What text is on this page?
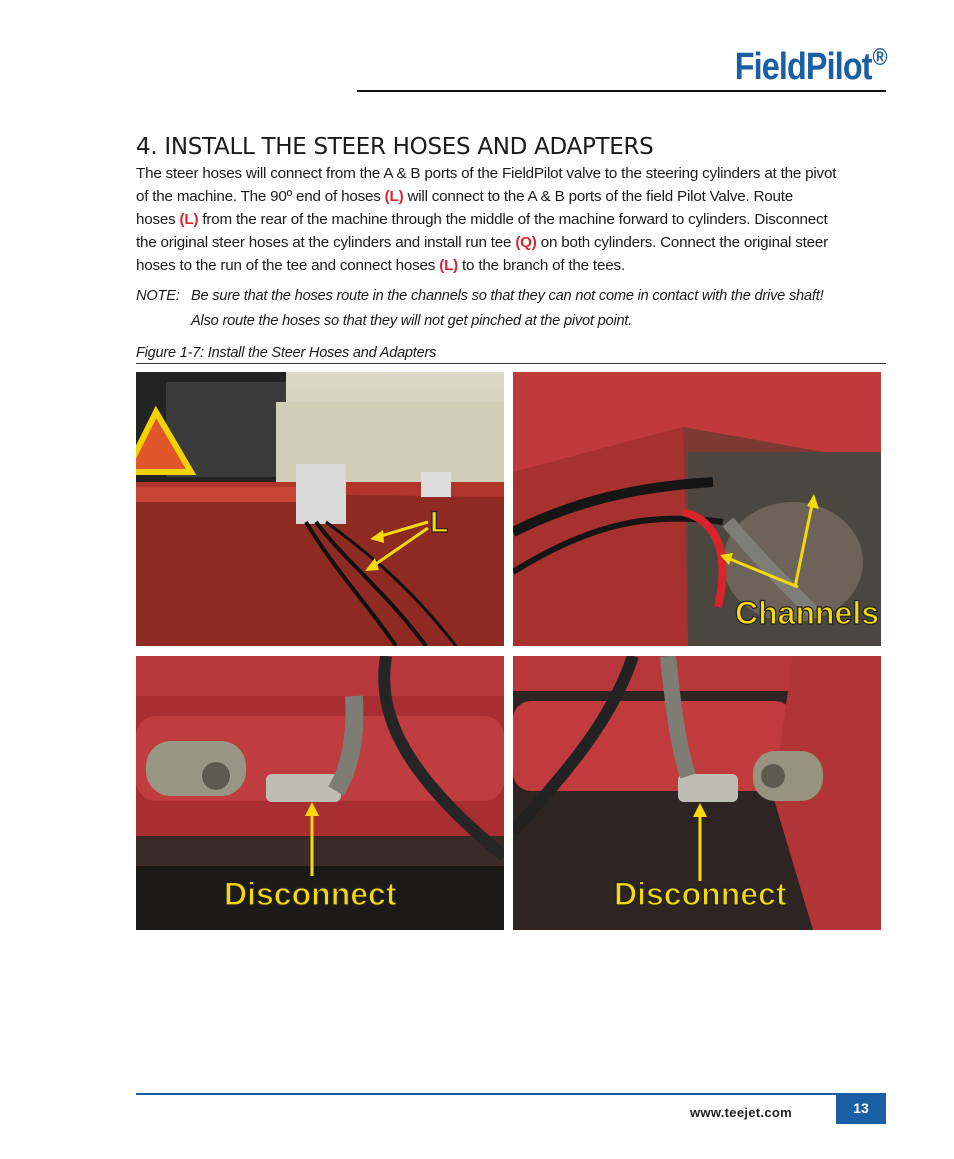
FieldPilot®
4. INSTALL THE STEER HOSES AND ADAPTERS
The steer hoses will connect from the A & B ports of the FieldPilot valve to the steering cylinders at the pivot
of the machine. The 90º end of hoses (L) will connect to the A & B ports of the field Pilot Valve. Route
hoses (L) from the rear of the machine through the middle of the machine forward to cylinders. Disconnect
the original steer hoses at the cylinders and install run tee (Q) on both cylinders. Connect the original steer
hoses to the run of the tee and connect hoses (L) to the branch of the tees.
NOTE: Be sure that the hoses route in the channels so that they can not come in contact with the drive shaft!
Also route the hoses so that they will not get pinched at the pivot point.
Figure 1-7: Install the Steer Hoses and Adapters
L
Channels
Disconnect	Disconnect
www.teejet.com	13
